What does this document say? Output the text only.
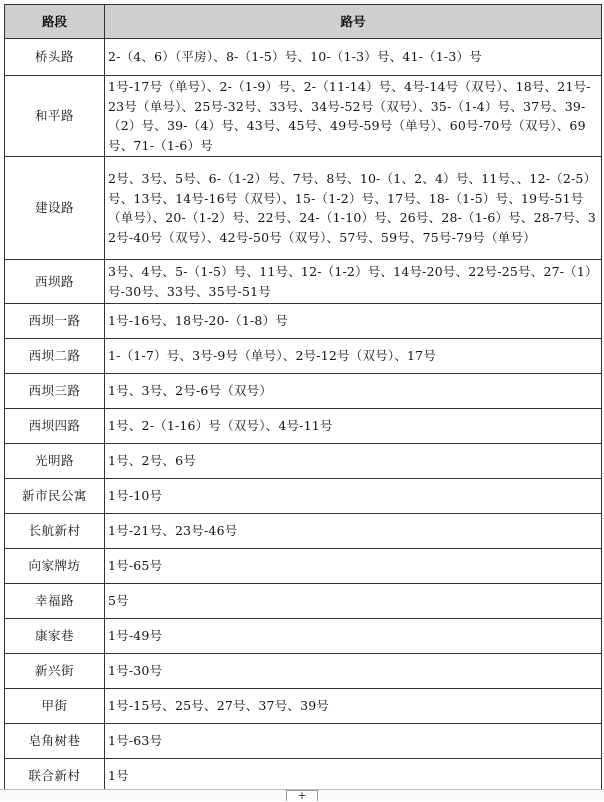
路段	路号
桥头路	2-（4、6）（平房）、8-（1-5）号、10-（1-3）号、41-（1-3）号
和平路	1号-17号（单号）、2-（1-9）号、2-（11-14）号、4号-14号（双号）、18号、21号-23号（单号）、25号-32号、33号、34号-52号（双号）、35-（1-4）号、37号、39-（2）号、39-（4）号、43号、45号、49号-59号（单号）、60号-70号（双号）、69号、71-（1-6）号
建设路	2号、3号、5号、6-（1-2）号、7号、8号、10-（1、2、4）号、11号、、12-（2-5）号、13号、14号-16号（双号）、15-（1-2）号、17号、18-（1-5）号、19号-51号（单号）、20-（1-2）号、22号、24-（1-10）号、26号、28-（1-6）号、28-7号、32号-40号（双号）、42号-50号（双号）、57号、59号、75号-79号（单号）
西坝路	3号、4号、5-（1-5）号、11号、12-（1-2）号、14号-20号、22号-25号、27-（1）号-30号、33号、35号-51号
西坝一路	1号-16号、18号-20-（1-8）号
西坝二路	1-（1-7）号、3号-9号（单号）、2号-12号（双号）、17号
西坝三路	1号、3号、2号-6号（双号）
西坝四路	1号、2-（1-16）号（双号）、4号-11号
光明路	1号、2号、6号
新市民公寓	1号-10号
长航新村	1号-21号、23号-46号
向家牌坊	1号-65号
幸福路	5号
康家巷	1号-49号
新兴街	1号-30号
甲街	1号-15号、25号、27号、37号、39号
皂角树巷	1号-63号
联合新村	1号
+
